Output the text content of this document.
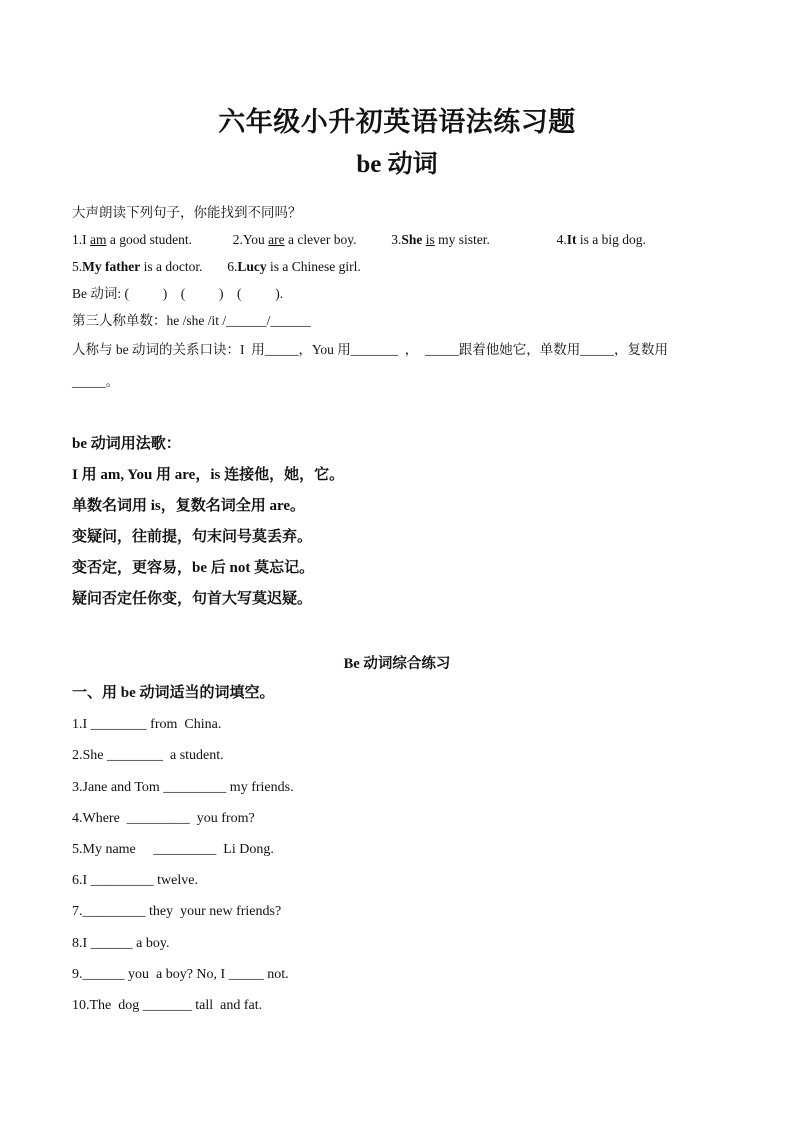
六年级小升初英语语法练习题
be 动词
大声朗读下列句子，你能找到不同吗？
1.I am a good student.	2.You are a clever boy.	3.She is my sister.	4.It is a big dog.
5.My father is a doctor. 6.Lucy is a Chinese girl.
Be 动词: (          )    (          )    (          ).
第三人称单数：he /she /it /______/______
人称与 be 动词的关系口诀：I  用_____，You 用_______  ，  _____跟着他她它，单数用_____，复数用
_____。
be 动词用法歌：
I 用 am, You 用 are，is 连接他，她，它。
单数名词用 is，复数名词全用 are。
变疑问，往前提，句末问号莫丢弃。
变否定，更容易，be 后 not 莫忘记。
疑问否定任你变，句首大写莫迟疑。
Be 动词综合练习
一、用 be 动词适当的词填空。
1.I ________ from  China.
2.She ________  a student.
3.Jane and Tom _________ my friends.
4.Where  _________  you from?
5.My name     _________  Li Dong.
6.I _________ twelve.
7._________ they  your new friends?
8.I ______ a boy.
9.______ you  a boy? No, I _____ not.
10.The  dog _______ tall  and fat.
